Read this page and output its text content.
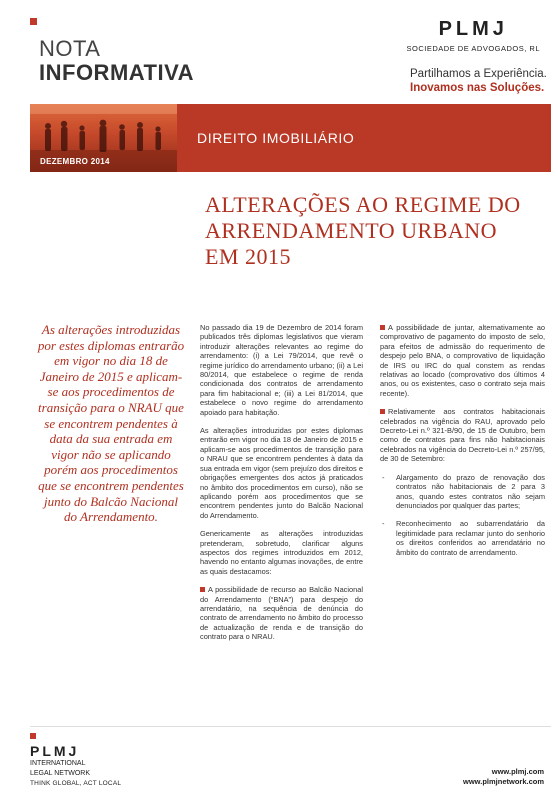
NOTA
INFORMATIVA
PLMJ
SOCIEDADE DE ADVOGADOS, RL
Partilhamos a Experiência.
Inovamos nas Soluções.
DEZEMBRO 2014
DIREITO IMOBILIÁRIO
ALTERAÇÕES AO REGIME DO
ARRENDAMENTO URBANO
EM 2015
As alterações introduzidas por estes diplomas entrarão em vigor no dia 18 de Janeiro de 2015 e aplicam-se aos procedimentos de transição para o NRAU que se encontrem pendentes à data da sua entrada em vigor não se aplicando porém aos procedimentos que se encontrem pendentes junto do Balcão Nacional do Arrendamento.

No passado dia 19 de Dezembro de 2014 foram publicados três diplomas legislativos que vieram introduzir alterações relevantes ao regime do arrendamento: (i) a Lei 79/2014, que revê o regime jurídico do arrendamento urbano; (ii) a Lei 80/2014, que estabelece o regime de renda condicionada dos contratos de arrendamento para fim habitacional e; (iii) a Lei 81/2014, que estabelece o novo regime do arrendamento apoiado para habitação.

As alterações introduzidas por estes diplomas entrarão em vigor no dia 18 de Janeiro de 2015 e aplicam-se aos procedimentos de transição para o NRAU que se encontrem pendentes à data da sua entrada em vigor (sem prejuízo dos direitos e obrigações emergentes dos actos já praticados no âmbito dos procedimentos em curso), não se aplicando porém aos procedimentos que se encontrem pendentes junto do Balcão Nacional do Arrendamento.

Genericamente as alterações introduzidas pretenderam, sobretudo, clarificar alguns aspectos dos regimes introduzidos em 2012, havendo no entanto algumas inovações, de entre as quais destacamos:

A possibilidade de recurso ao Balcão Nacional do Arrendamento (“BNA”) para despejo do arrendatário, na sequência de denúncia do contrato de arrendamento no âmbito do processo de actualização de renda e de transição do contrato para o NRAU.

A possibilidade de juntar, alternativamente ao comprovativo de pagamento do imposto de selo, para efeitos de admissão do requerimento de despejo pelo BNA, o comprovativo de liquidação de IRS ou IRC do qual constem as rendas relativas ao locado (comprovativo dos últimos 4 anos, ou os existentes, caso o contrato seja mais recente).

Relativamente aos contratos habitacionais celebrados na vigência do RAU, aprovado pelo Decreto-Lei n.º 321-B/90, de 15 de Outubro, bem como de contratos para fins não habitacionais celebrados na vigência do Decreto-Lei n.º 257/95, de 30 de Setembro:

-	Alargamento do prazo de renovação dos contratos não habitacionais de 2 para 3 anos, quando estes contratos não sejam denunciados por qualquer das partes;
-	Reconhecimento ao subarrendatário da legitimidade para reclamar junto do senhorio os direitos conferidos ao arrendatário no âmbito do contrato de arrendamento.
PLMJ
INTERNATIONAL
LEGAL NETWORK
THINK GLOBAL, ACT LOCAL
www.plmj.com
www.plmjnetwork.com
